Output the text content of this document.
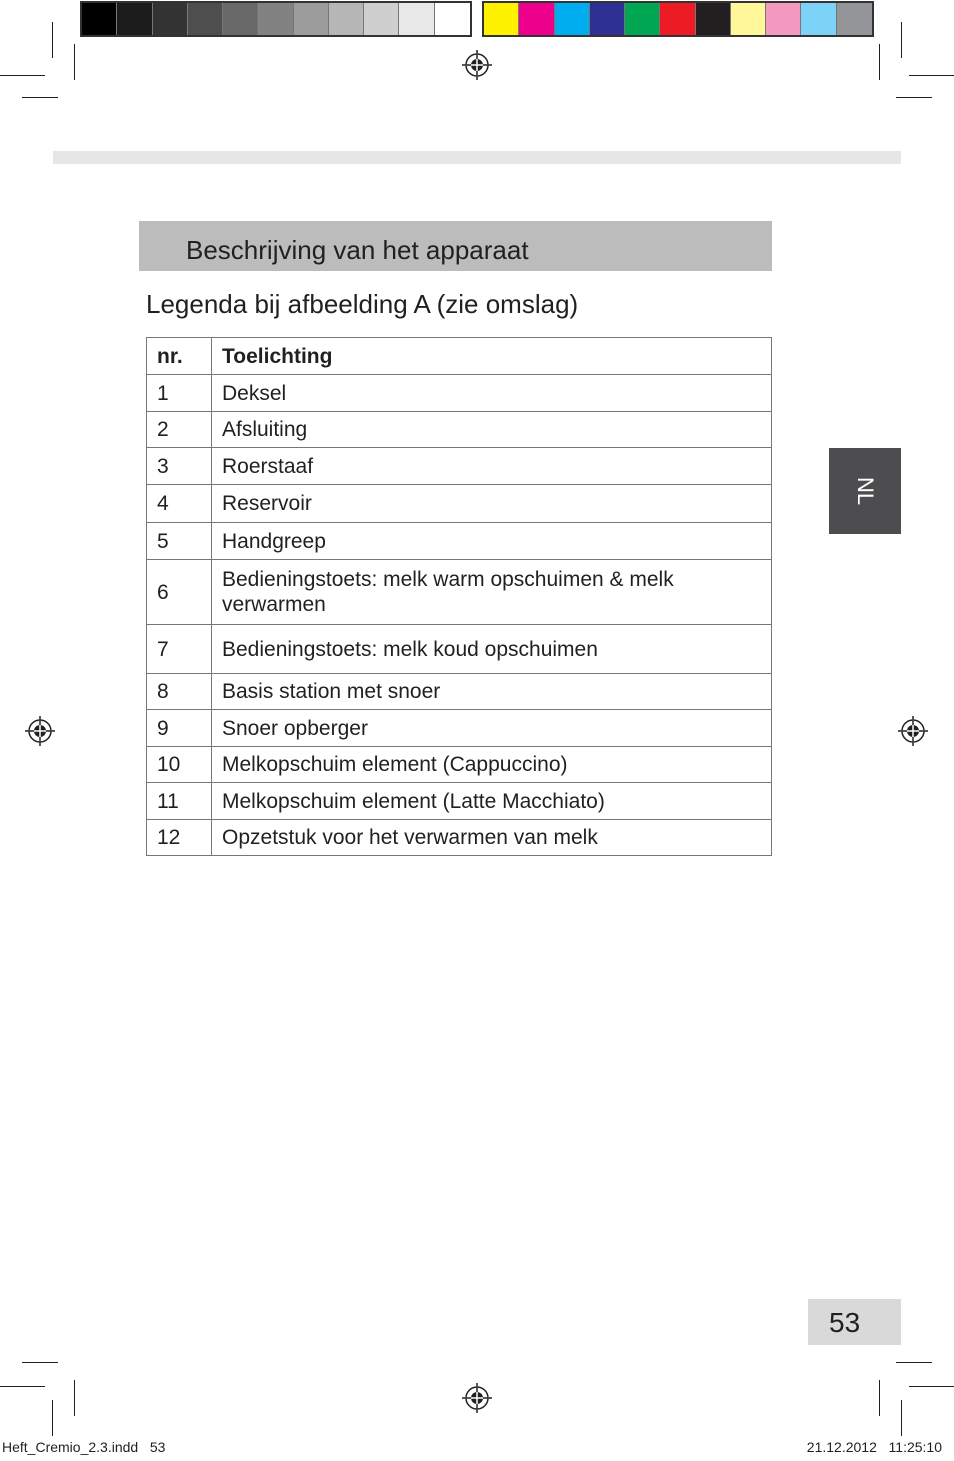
Beschrijving van het apparaat
Legenda bij afbeelding A (zie omslag)
nr.	Toelichting
1	Deksel
2	Afsluiting
3	Roerstaaf
4	Reservoir
5	Handgreep
6	Bedieningstoets: melk warm opschuimen & melk verwarmen
7	Bedieningstoets: melk koud opschuimen
8	Basis station met snoer
9	Snoer opberger
10	Melkopschuim element (Cappuccino)
11	Melkopschuim element (Latte Macchiato)
12	Opzetstuk voor het verwarmen van melk
NL
53
Heft_Cremio_2.3.indd   53	21.12.2012   11:25:10
